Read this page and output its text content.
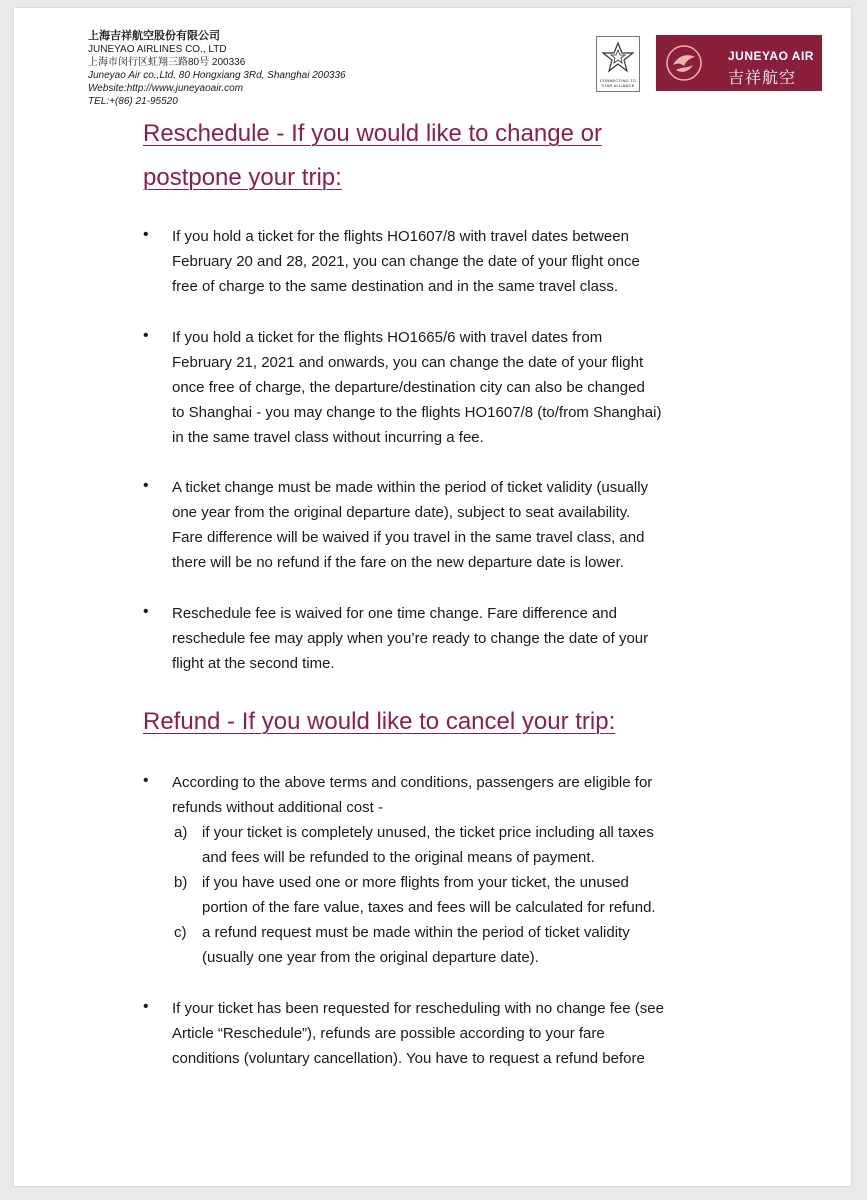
上海吉祥航空股份有限公司
JUNEYAO AIRLINES CO., LTD
上海市闵行区虹翔三路80号 200336
Juneyao Air co.,Ltd. 80 Hongxiang 3Rd, Shanghai 200336
Website:http://www.juneyaoair.com
TEL:+(86) 21-95520
CONNECTING TO STAR ALLIANCE
JUNEYAO AIR
吉祥航空
Reschedule - If you would like to change or
postpone your trip:
• If you hold a ticket for the flights HO1607/8 with travel dates between

February 20 and 28, 2021, you can change the date of your flight once

free of charge to the same destination and in the same travel class.

• If you hold a ticket for the flights HO1665/6 with travel dates from

February 21, 2021 and onwards, you can change the date of your flight

once free of charge, the departure/destination city can also be changed

to Shanghai - you may change to the flights HO1607/8 (to/from Shanghai)

in the same travel class without incurring a fee.

• A ticket change must be made within the period of ticket validity (usually

one year from the original departure date), subject to seat availability.

Fare difference will be waived if you travel in the same travel class, and

there will be no refund if the fare on the new departure date is lower.

• Reschedule fee is waived for one time change. Fare difference and

reschedule fee may apply when you’re ready to change the date of your

flight at the second time.

Refund - If you would like to cancel your trip:
• According to the above terms and conditions, passengers are eligible for

refunds without additional cost -

a) if your ticket is completely unused, the ticket price including all taxes

and fees will be refunded to the original means of payment.

b) if you have used one or more flights from your ticket, the unused

portion of the fare value, taxes and fees will be calculated for refund.

c) a refund request must be made within the period of ticket validity

(usually one year from the original departure date).

• If your ticket has been requested for rescheduling with no change fee (see

Article “Reschedule”), refunds are possible according to your fare

conditions (voluntary cancellation). You have to request a refund before
